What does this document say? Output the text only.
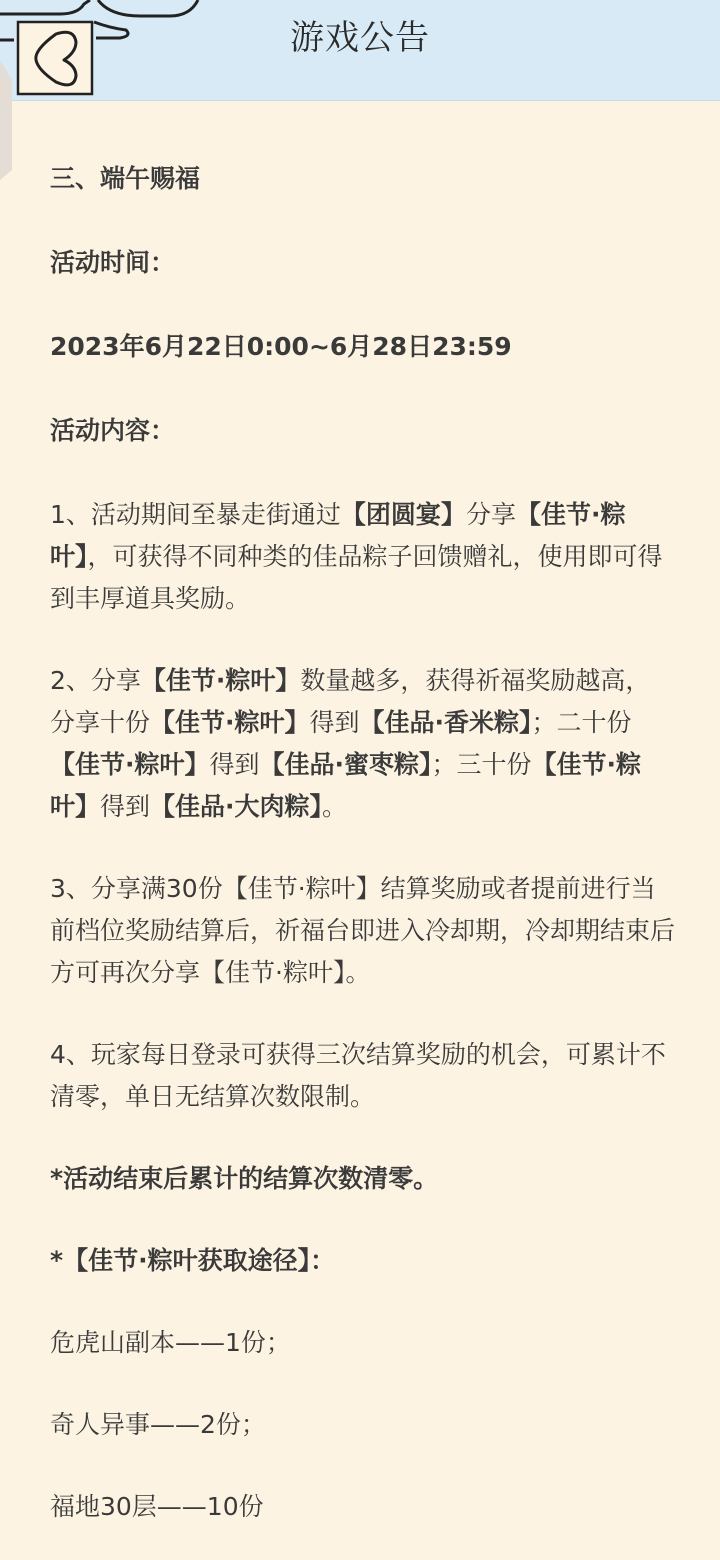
游戏公告

三、端午赐福

活动时间：

2023年6月22日0:00~6月28日23:59

活动内容：

1、活动期间至暴走街通过【团圆宴】分享【佳节·粽叶】，可获得不同种类的佳品粽子回馈赠礼，使用即可得到丰厚道具奖励。

2、分享【佳节·粽叶】数量越多，获得祈福奖励越高，分享十份【佳节·粽叶】得到【佳品·香米粽】；二十份【佳节·粽叶】得到【佳品·蜜枣粽】；三十份【佳节·粽叶】得到【佳品·大肉粽】。

3、分享满30份【佳节·粽叶】结算奖励或者提前进行当前档位奖励结算后，祈福台即进入冷却期，冷却期结束后方可再次分享【佳节·粽叶】。

4、玩家每日登录可获得三次结算奖励的机会，可累计不清零，单日无结算次数限制。

*活动结束后累计的结算次数清零。

*【佳节·粽叶获取途径】：

危虎山副本——1份；

奇人异事——2份；

福地30层——10份
